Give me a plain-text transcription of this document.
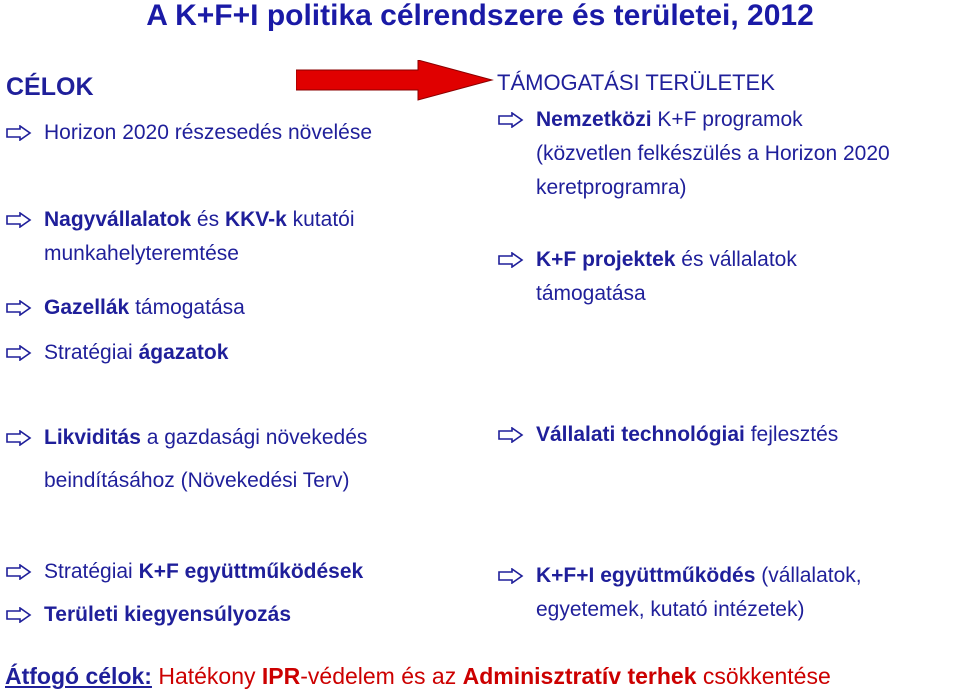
A K+F+I politika célrendszere és területei, 2012
CÉLOK	TÁMOGATÁSI TERÜLETEK
Horizon 2020 részesedés növelése
Nagyvállalatok és KKV-k kutatói
munkahelyteremtése
Gazellák támogatása
Stratégiai ágazatok
Likviditás a gazdasági növekedés
beindításához (Növekedési Terv)
Stratégiai K+F együttműködések
Területi kiegyensúlyozás
Nemzetközi K+F programok
(közvetlen felkészülés a Horizon 2020
keretprogramra)
K+F projektek és vállalatok
támogatása
Vállalati technológiai fejlesztés
K+F+I együttműködés (vállalatok,
egyetemek, kutató intézetek)
Átfogó célok: Hatékony IPR-védelem és az Adminisztratív terhek csökkentése
